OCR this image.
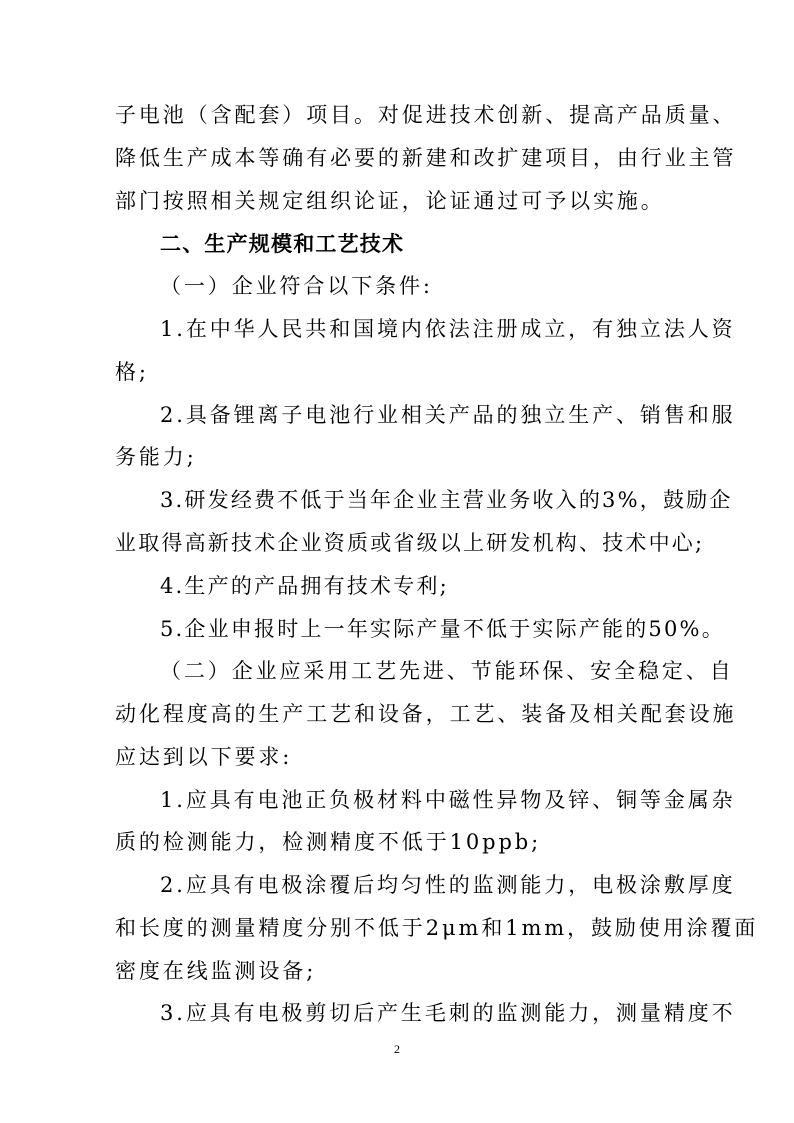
子电池（含配套）项目。对促进技术创新、提高产品质量、
降低生产成本等确有必要的新建和改扩建项目，由行业主管
部门按照相关规定组织论证，论证通过可予以实施。
二、生产规模和工艺技术
（一）企业符合以下条件:
1.在中华人民共和国境内依法注册成立，有独立法人资
格;
2.具备锂离子电池行业相关产品的独立生产、销售和服
务能力;
3.研发经费不低于当年企业主营业务收入的3%，鼓励企
业取得高新技术企业资质或省级以上研发机构、技术中心;
4.生产的产品拥有技术专利;
5.企业申报时上一年实际产量不低于实际产能的50%。
（二）企业应采用工艺先进、节能环保、安全稳定、自
动化程度高的生产工艺和设备，工艺、装备及相关配套设施
应达到以下要求:
1.应具有电池正负极材料中磁性异物及锌、铜等金属杂
质的检测能力，检测精度不低于10ppb;
2.应具有电极涂覆后均匀性的监测能力，电极涂敷厚度
和长度的测量精度分别不低于2μm和1mm，鼓励使用涂覆面
密度在线监测设备;
3.应具有电极剪切后产生毛刺的监测能力，测量精度不
2
